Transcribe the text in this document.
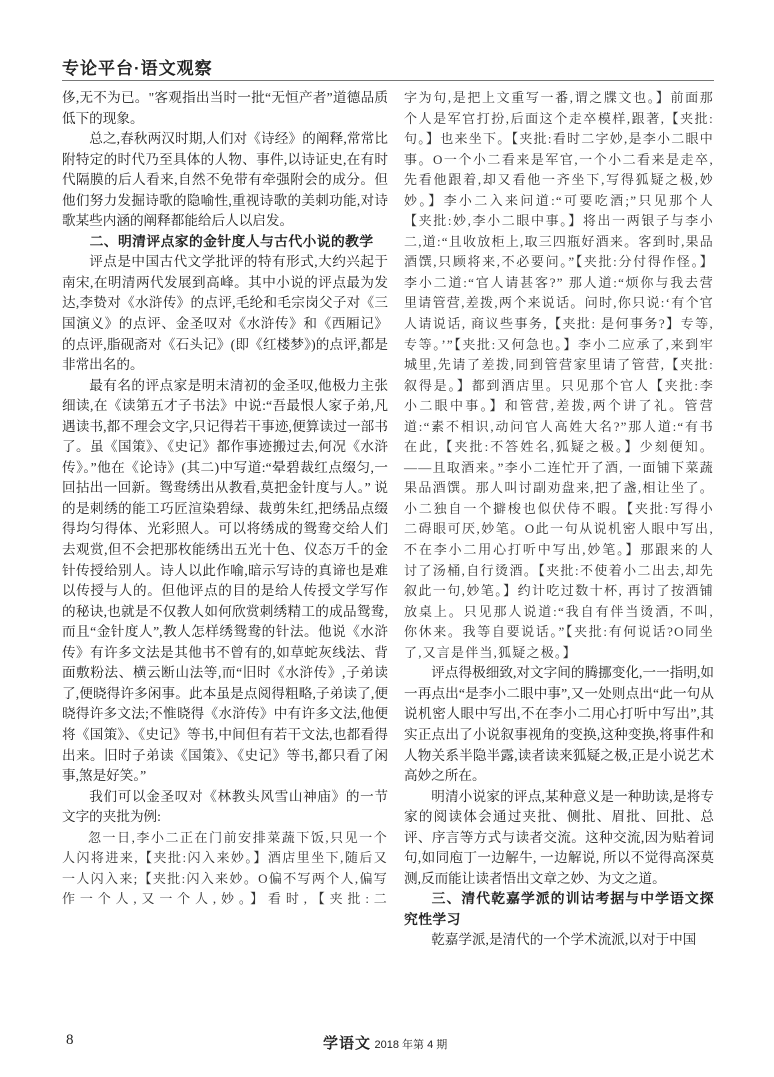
专论平台·语文观察

侈,无不为已。"客观指出当时一批“无恒产者”道德品质低下的现象。

总之,春秋两汉时期,人们对《诗经》的阐释,常常比附特定的时代乃至具体的人物、事件,以诗证史,在有时代隔膜的后人看来,自然不免带有牵强附会的成分。但他们努力发掘诗歌的隐喻性,重视诗歌的美刺功能,对诗歌某些内涵的阐释都能给后人以启发。

二、明清评点家的金针度人与古代小说的教学

评点是中国古代文学批评的特有形式,大约兴起于南宋,在明清两代发展到高峰。其中小说的评点最为发达,李贽对《水浒传》的点评,毛纶和毛宗岗父子对《三国演义》的点评、金圣叹对《水浒传》和《西厢记》的点评,脂砚斋对《石头记》(即《红楼梦》)的点评,都是非常出名的。

最有名的评点家是明末清初的金圣叹,他极力主张细读,在《读第五才子书法》中说:“吾最恨人家子弟,凡遇读书,都不理会文字,只记得若干事迹,便算读过一部书了。虽《国策》、《史记》都作事迹搬过去,何况《水浒传》。”他在《论诗》(其二)中写道:“晕碧裁红点缀匀,一回拈出一回新。鸳鸯绣出从教看,莫把金针度与人。” 说的是刺绣的能工巧匠渲染碧绿、裁剪朱红,把绣品点缀得均匀得体、光彩照人。可以将绣成的鸳鸯交给人们去观赏,但不会把那枚能绣出五光十色、仪态万千的金针传授给别人。诗人以此作喻,暗示写诗的真谛也是难以传授与人的。但他评点的目的是给人传授文学写作的秘诀,也就是不仅教人如何欣赏刺绣精工的成品鸳鸯,而且“金针度人”,教人怎样绣鸳鸯的针法。他说《水浒传》有许多文法是其他书不曾有的,如草蛇灰线法、背面敷粉法、横云断山法等,而“旧时《水浒传》,子弟读了,便晓得许多闲事。此本虽是点阅得粗略,子弟读了,便晓得许多文法;不惟晓得《水浒传》中有许多文法,他便将《国策》、《史记》等书,中间但有若干文法,也都看得出来。旧时子弟读《国策》、《史记》等书,都只看了闲事,煞是好笑。”

我们可以金圣叹对《林教头风雪山神庙》的一节文字的夹批为例:

忽一日,李小二正在门前安排菜蔬下饭,只见一个人闪将进来,【夹批:闪入来妙。】酒店里坐下,随后又一人闪入来;【夹批:闪入来妙。O偏不写两个人,偏写作一个人,又一个人,妙。】看时,【夹批:二

字为句,是把上文重写一番,谓之牒文也。】前面那个人是军官打扮,后面这个走卒模样,跟著,【夹批:句。】也来坐下。【夹批:看时二字妙,是李小二眼中事。O一个小二看来是军官,一个小二看来是走卒,先看他跟着,却又看他一齐坐下,写得狐疑之极,妙妙。】李小二入来问道:“可要吃酒;”只见那个人【夹批:妙,李小二眼中事。】将出一两银子与李小二,道:“且收放柜上,取三四瓶好酒来。客到时,果品酒馔,只顾将来,不必要问。”【夹批:分付得作怪。】李小二道:“官人请甚客?” 那人道:“烦你与我去营里请管营,差拨,两个来说话。问时,你只说:‘有个官人请说话, 商议些事务,【夹批: 是何事务?】专等,专等。’”【夹批:又何急也。】李小二应承了,来到牢城里,先请了差拨,同到管营家里请了管营,【夹批:叙得是。】都到酒店里。只见那个官人【夹批:李小二眼中事。】和管营,差拨,两个讲了礼。管营道:“素不相识,动问官人高姓大名?”那人道:“有书在此,【夹批:不答姓名,狐疑之极。】少刻便知。——且取酒来。”李小二连忙开了酒, 一面铺下菜蔬果品酒馔。那人叫讨副劝盘来,把了盏,相让坐了。小二独自一个擗梭也似伏侍不暇。【夹批:写得小二碍眼可厌,妙笔。O此一句从说机密人眼中写出,不在李小二用心打听中写出,妙笔。】那跟来的人讨了汤桶,自行烫酒。【夹批:不使着小二出去,却先叙此一句,妙笔。】约计吃过数十杯, 再讨了按酒铺放桌上。只见那人说道:“我自有伴当烫酒, 不叫, 你休来。我等自要说话。”【夹批:有何说话?O同坐了,又言是伴当,狐疑之极。】

评点得极细致,对文字间的腾挪变化,一一指明,如一再点出“是李小二眼中事”,又一处则点出“此一句从说机密人眼中写出,不在李小二用心打听中写出”,其实正点出了小说叙事视角的变换,这种变换,将事件和人物关系半隐半露,读者读来狐疑之极,正是小说艺术高妙之所在。

明清小说家的评点,某种意义是一种助读,是将专家的阅读体会通过夹批、侧批、眉批、回批、总评、序言等方式与读者交流。这种交流,因为贴着词句,如同庖丁一边解牛, 一边解说, 所以不觉得高深莫测,反而能让读者悟出文章之妙、为文之道。

三、清代乾嘉学派的训诂考据与中学语文探究性学习

乾嘉学派,是清代的一个学术流派,以对于中国

8	学语文 2018 年第 4 期
